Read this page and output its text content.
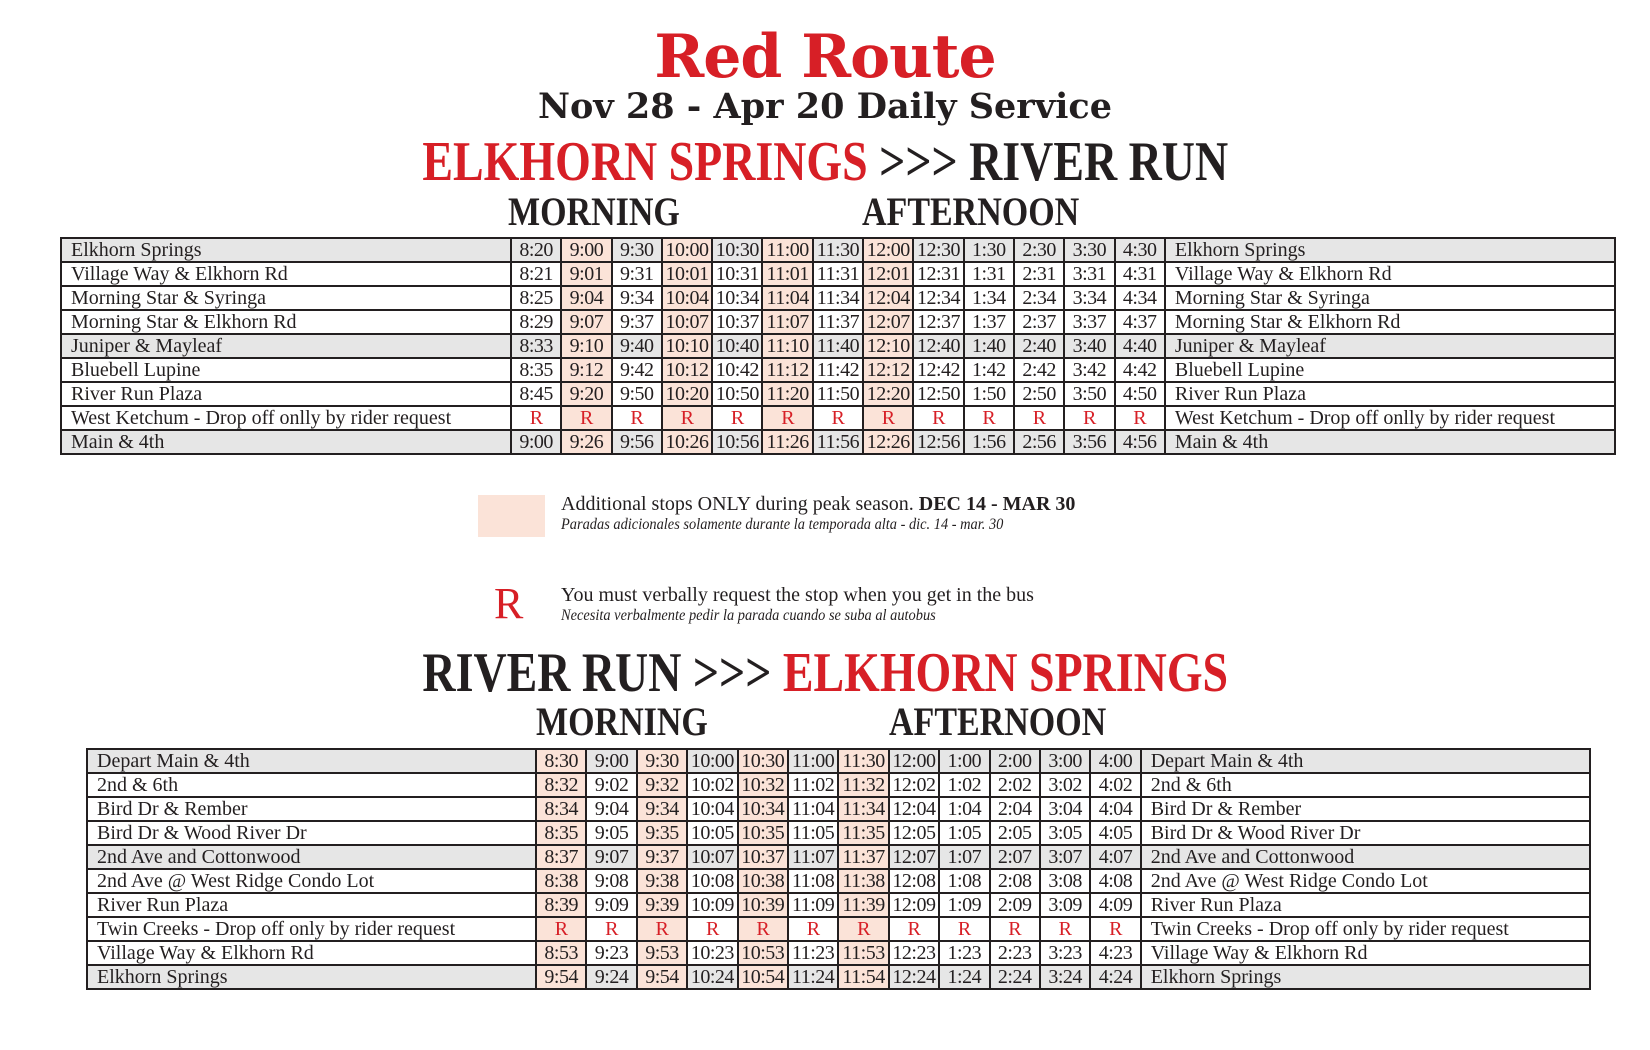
Red Route
Nov 28 - Apr 20 Daily Service
ELKHORN SPRINGS >>> RIVER RUN
MORNING	AFTERNOON
Elkhorn Springs	8:20	9:00	9:30	10:00	10:30	11:00	11:30	12:00	12:30	1:30	2:30	3:30	4:30	Elkhorn Springs
Village Way & Elkhorn Rd	8:21	9:01	9:31	10:01	10:31	11:01	11:31	12:01	12:31	1:31	2:31	3:31	4:31	Village Way & Elkhorn Rd
Morning Star & Syringa	8:25	9:04	9:34	10:04	10:34	11:04	11:34	12:04	12:34	1:34	2:34	3:34	4:34	Morning Star & Syringa
Morning Star & Elkhorn Rd	8:29	9:07	9:37	10:07	10:37	11:07	11:37	12:07	12:37	1:37	2:37	3:37	4:37	Morning Star & Elkhorn Rd
Juniper & Mayleaf	8:33	9:10	9:40	10:10	10:40	11:10	11:40	12:10	12:40	1:40	2:40	3:40	4:40	Juniper & Mayleaf
Bluebell Lupine	8:35	9:12	9:42	10:12	10:42	11:12	11:42	12:12	12:42	1:42	2:42	3:42	4:42	Bluebell Lupine
River Run Plaza	8:45	9:20	9:50	10:20	10:50	11:20	11:50	12:20	12:50	1:50	2:50	3:50	4:50	River Run Plaza
West Ketchum - Drop off onlly by rider request	R	R	R	R	R	R	R	R	R	R	R	R	R	West Ketchum - Drop off onlly by rider request
Main & 4th	9:00	9:26	9:56	10:26	10:56	11:26	11:56	12:26	12:56	1:56	2:56	3:56	4:56	Main & 4th
Additional stops ONLY during peak season. DEC 14 - MAR 30
Paradas adicionales solamente durante la temporada alta - dic. 14 - mar. 30
R You must verbally request the stop when you get in the bus
Necesita verbalmente pedir la parada cuando se suba al autobus
RIVER RUN >>> ELKHORN SPRINGS
MORNING	AFTERNOON
Depart Main & 4th	8:30	9:00	9:30	10:00	10:30	11:00	11:30	12:00	1:00	2:00	3:00	4:00	Depart Main & 4th
2nd & 6th	8:32	9:02	9:32	10:02	10:32	11:02	11:32	12:02	1:02	2:02	3:02	4:02	2nd & 6th
Bird Dr & Rember	8:34	9:04	9:34	10:04	10:34	11:04	11:34	12:04	1:04	2:04	3:04	4:04	Bird Dr & Rember
Bird Dr & Wood River Dr	8:35	9:05	9:35	10:05	10:35	11:05	11:35	12:05	1:05	2:05	3:05	4:05	Bird Dr & Wood River Dr
2nd Ave and Cottonwood	8:37	9:07	9:37	10:07	10:37	11:07	11:37	12:07	1:07	2:07	3:07	4:07	2nd Ave and Cottonwood
2nd Ave @ West Ridge Condo Lot	8:38	9:08	9:38	10:08	10:38	11:08	11:38	12:08	1:08	2:08	3:08	4:08	2nd Ave @ West Ridge Condo Lot
River Run Plaza	8:39	9:09	9:39	10:09	10:39	11:09	11:39	12:09	1:09	2:09	3:09	4:09	River Run Plaza
Twin Creeks - Drop off only by rider request	R	R	R	R	R	R	R	R	R	R	R	R	Twin Creeks - Drop off only by rider request
Village Way & Elkhorn Rd	8:53	9:23	9:53	10:23	10:53	11:23	11:53	12:23	1:23	2:23	3:23	4:23	Village Way & Elkhorn Rd
Elkhorn Springs	9:54	9:24	9:54	10:24	10:54	11:24	11:54	12:24	1:24	2:24	3:24	4:24	Elkhorn Springs
